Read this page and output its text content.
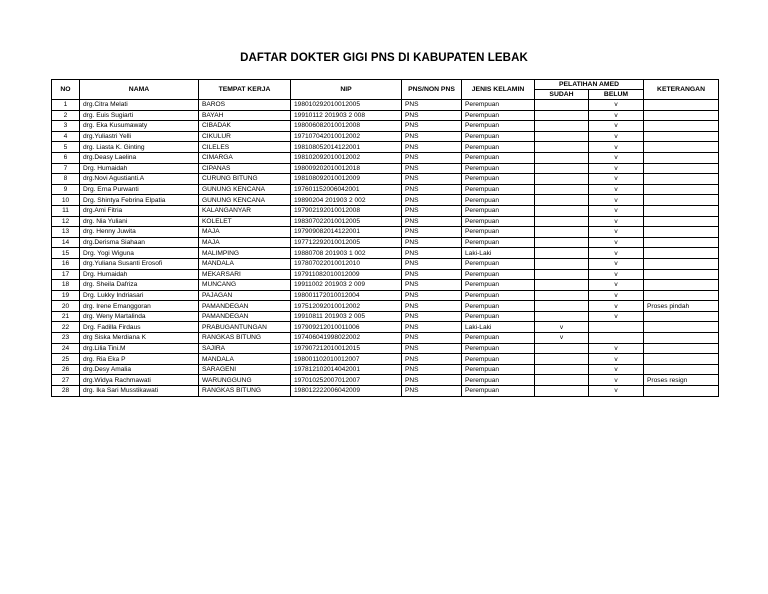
DAFTAR DOKTER GIGI PNS DI KABUPATEN LEBAK
NO	NAMA	TEMPAT KERJA	NIP	PNS/NON PNS	JENIS KELAMIN	PELATIHAN AMED		KETERANGAN
						SUDAH	BELUM	
1	drg.Citra Melati	BAROS	198010292010012005	PNS	Perempuan		v	
2	drg. Euis Sugiarti	BAYAH	19910112 201903 2 008	PNS	Perempuan		v	
3	drg. Eka Kusumawaty	CIBADAK	198006082010012008	PNS	Perempuan		v	
4	drg.Yuliastri Yelli	CIKULUR	197107042010012002	PNS	Perempuan		v	
5	drg. Liasta K. Ginting	CILELES	198108052014122001	PNS	Perempuan		v	
6	drg.Deasy Laelina	CIMARGA	198102092010012002	PNS	Perempuan		v	
7	Drg. Humaidah	CIPANAS	198009202010012018	PNS	Perempuan		v	
8	drg.Novi Agustianti.A	CURUNG BITUNG	198108092010012009	PNS	Perempuan		v	
9	Drg. Erna Purwanti	GUNUNG KENCANA	197601152006042001	PNS	Perempuan		v	
10	Drg. Shintya Febrina Elpatia	GUNUNG KENCANA	19890204 201903 2 002	PNS	Perempuan		v	
11	drg.Ami Fitria	KALANGANYAR	197902192010012008	PNS	Perempuan		v	
12	drg. Nia Yuliani	KOLELET	198307022010012005	PNS	Perempuan		v	
13	drg. Henny Juwita	MAJA	197909082014122001	PNS	Perempuan		v	
14	drg.Derisma Siahaan	MAJA	197712292010012005	PNS	Perempuan		v	
15	Drg. Yogi Wiguna	MALIMPING	19880708 201903 1 002	PNS	Laki-Laki		v	
16	drg.Yuliana Susanti Erosofi	MANDALA	197807022010012010	PNS	Perempuan		v	
17	Drg. Humaidah	MEKARSARI	197911082010012009	PNS	Perempuan		v	
18	drg. Sheila Dafriza	MUNCANG	19911002 201903 2 009	PNS	Perempuan		v	
19	Drg. Lukky Indriasari	PAJAGAN	198001172010012004	PNS	Perempuan		v	
20	drg. Irene Emanggoran	PAMANDEGAN	197512092010012002	PNS	Perempuan		v	Proses pindah
21	drg. Weny Martalinda	PAMANDEGAN	19910811 201903 2 005	PNS	Perempuan		v	
22	Drg. Fadilla Firdaus	PRABUGANTUNGAN	197909212010011006	PNS	Laki-Laki	v		
23	drg Siska Merdiana K	RANGKAS BITUNG	197406041998022002	PNS	Perempuan	v		
24	drg.Lilia Tini.M	SAJIRA	197907212010012015	PNS	Perempuan		v	
25	drg. Ria Eka P	MANDALA	198001102010012007	PNS	Perempuan		v	
26	drg.Desy Amalia	SARAGENI	197812102014042001	PNS	Perempuan		v	
27	drg.Widya Rachmawati	WARUNGGUNG	197010252007012007	PNS	Perempuan		v	Proses resign
28	drg. Ika Sari Musstikawati	RANGKAS BITUNG	198012222006042009	PNS	Perempuan		v	
